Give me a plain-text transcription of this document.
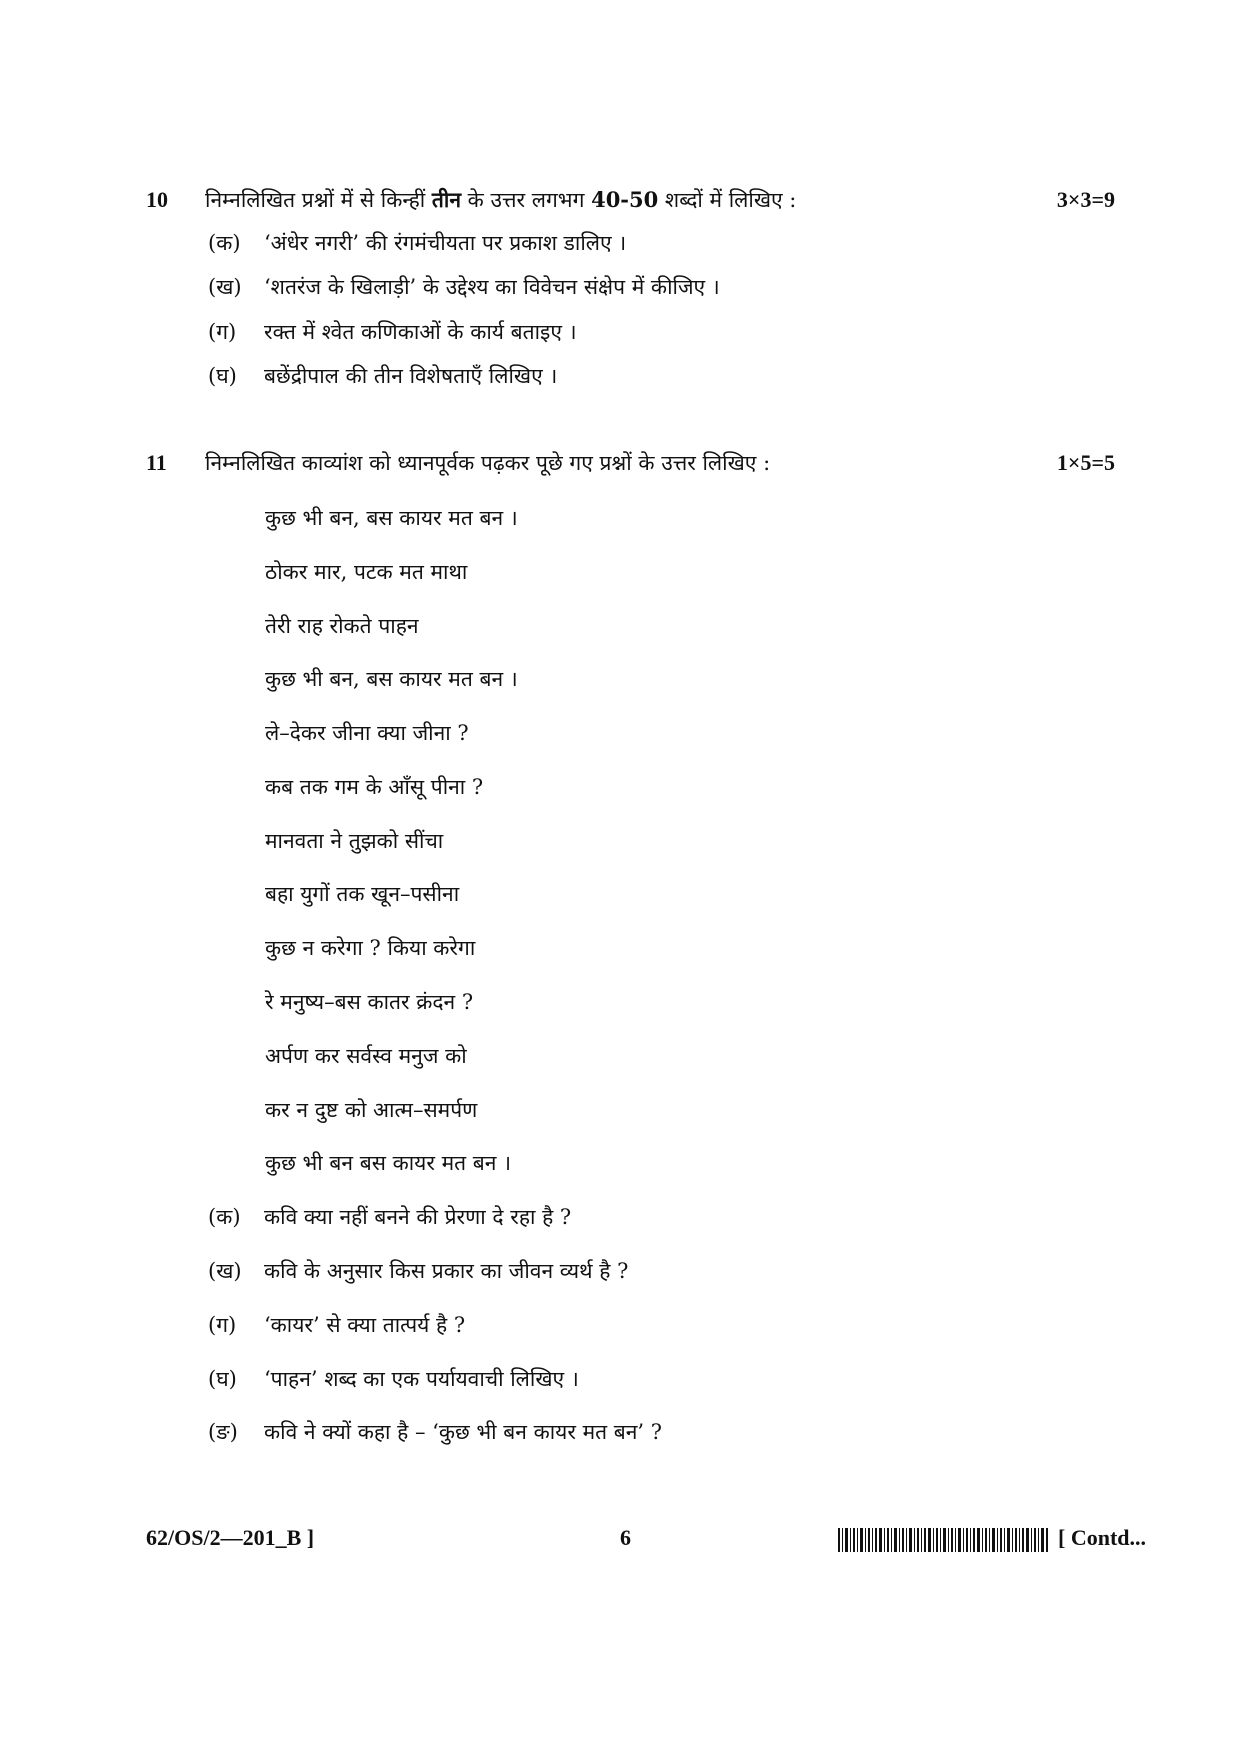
10 निम्नलिखित प्रश्नों में से किन्हीं तीन के उत्तर लगभग 40-50 शब्दों में लिखिए :	3×3=9
(क) ‘अंधेर नगरी’ की रंगमंचीयता पर प्रकाश डालिए ।
(ख) ‘शतरंज के खिलाड़ी’ के उद्देश्य का विवेचन संक्षेप में कीजिए ।
(ग) रक्त में श्वेत कणिकाओं के कार्य बताइए ।
(घ) बछेंद्रीपाल की तीन विशेषताएँ लिखिए ।
11 निम्नलिखित काव्यांश को ध्यानपूर्वक पढ़कर पूछे गए प्रश्नों के उत्तर लिखिए :	1×5=5
कुछ भी बन, बस कायर मत बन ।
ठोकर मार, पटक मत माथा
तेरी राह रोकते पाहन
कुछ भी बन, बस कायर मत बन ।
ले–देकर जीना क्या जीना ?
कब तक गम के आँसू पीना ?
मानवता ने तुझको सींचा
बहा युगों तक खून–पसीना
कुछ न करेगा ? किया करेगा
रे मनुष्य–बस कातर क्रंदन ?
अर्पण कर सर्वस्व मनुज को
कर न दुष्ट को आत्म–समर्पण
कुछ भी बन बस कायर मत बन ।
(क) कवि क्या नहीं बनने की प्रेरणा दे रहा है ?
(ख) कवि के अनुसार किस प्रकार का जीवन व्यर्थ है ?
(ग) ‘कायर’ से क्या तात्पर्य है ?
(घ) ‘पाहन’ शब्द का एक पर्यायवाची लिखिए ।
(ङ) कवि ने क्यों कहा है – ‘कुछ भी बन कायर मत बन’ ?
62/OS/2—201_B ]	6	[ Contd...
